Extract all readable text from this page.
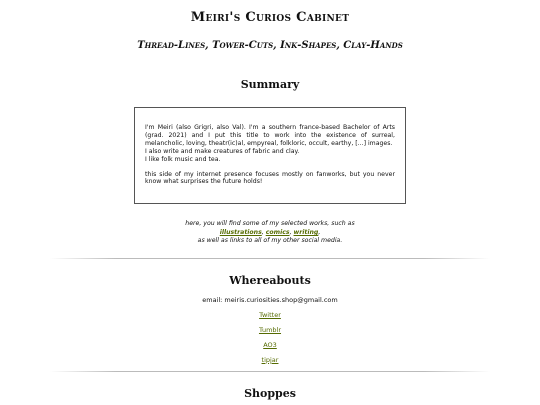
Meiri's Curios Cabinet
Thread-Lines, Tower-Cuts, Ink-Shapes, Clay-Hands
Summary

I'm Meiri (also Grigri, also Val). I'm a southern france-based Bachelor of Arts (grad. 2021) and I put this title to work into the existence of surreal, melancholic, loving, theatr(ic)al, empyreal, folkloric, occult, earthy, [...] images.
I also write and make creatures of fabric and clay.
I like folk music and tea.

this side of my internet presence focuses mostly on fanworks, but you never know what surprises the future holds!

here, you will find some of my selected works, such as
illustrations, comics, writing,
as well as links to all of my other social media.
Whereabouts
email: meiris.curiosities.shop@gmail.com
Twitter
Tumblr
AO3
tipjar
Shoppes
